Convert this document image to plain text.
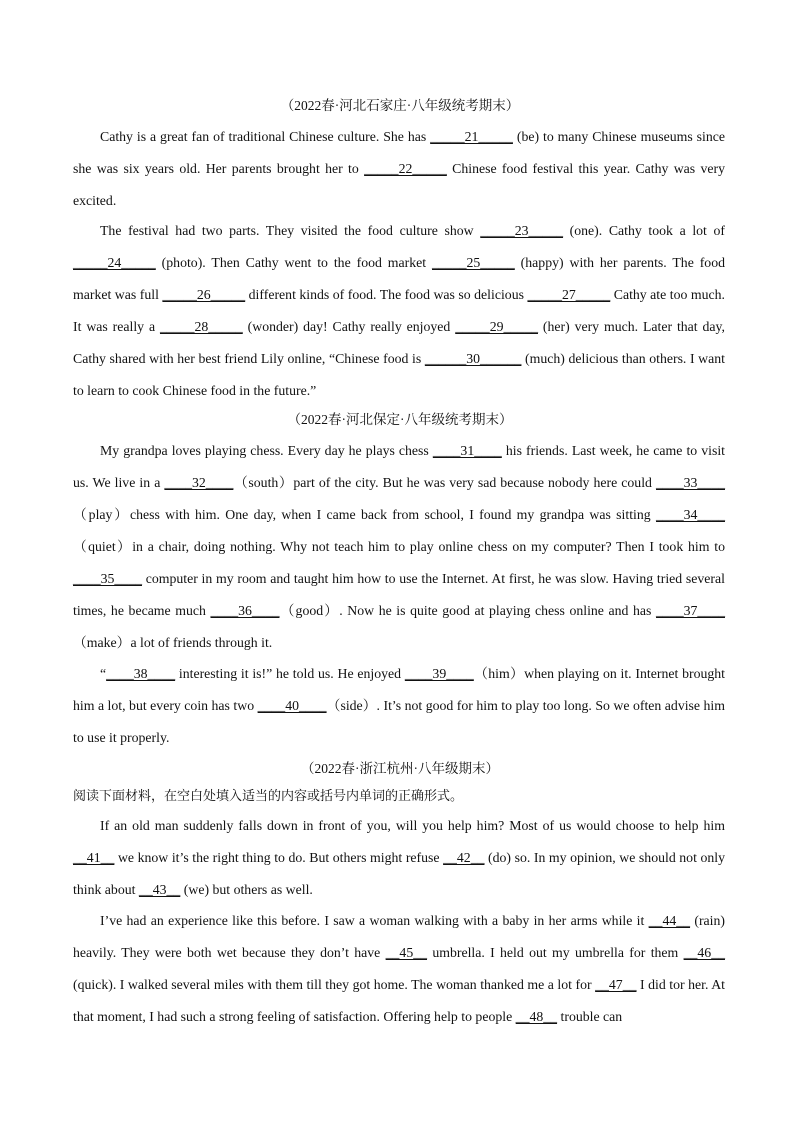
（2022春·河北石家庄·八年级统考期末）

Cathy is a great fan of traditional Chinese culture. She has _____21_____ (be) to many Chinese museums since she was six years old. Her parents brought her to _____22_____ Chinese food festival this year. Cathy was very excited.

The festival had two parts. They visited the food culture show _____23_____ (one). Cathy took a lot of _____24_____ (photo). Then Cathy went to the food market _____25_____ (happy) with her parents. The food market was full _____26_____ different kinds of food. The food was so delicious _____27_____ Cathy ate too much. It was really a _____28_____ (wonder) day! Cathy really enjoyed _____29_____ (her) very much. Later that day, Cathy shared with her best friend Lily online, “Chinese food is ______30______ (much) delicious than others. I want to learn to cook Chinese food in the future.”

（2022春·河北保定·八年级统考期末）

My grandpa loves playing chess. Every day he plays chess ____31____ his friends. Last week, he came to visit us. We live in a ____32____（south）part of the city. But he was very sad because nobody here could ____33____（play）chess with him. One day, when I came back from school, I found my grandpa was sitting ____34____（quiet）in a chair, doing nothing. Why not teach him to play online chess on my computer? Then I took him to ____35____ computer in my room and taught him how to use the Internet. At first, he was slow. Having tried several times, he became much ____36____（good）. Now he is quite good at playing chess online and has ____37____（make）a lot of friends through it.

“____38____ interesting it is!” he told us. He enjoyed ____39____（him）when playing on it. Internet brought him a lot, but every coin has two ____40____（side）. It’s not good for him to play too long. So we often advise him to use it properly.

（2022春·浙江杭州·八年级期末）
阅读下面材料，在空白处填入适当的内容或括号内单词的正确形式。

If an old man suddenly falls down in front of you, will you help him? Most of us would choose to help him __41__ we know it’s the right thing to do. But others might refuse __42__ (do) so. In my opinion, we should not only think about __43__ (we) but others as well.

I’ve had an experience like this before. I saw a woman walking with a baby in her arms while it __44__ (rain) heavily. They were both wet because they don’t have __45__ umbrella. I held out my umbrella for them __46__ (quick). I walked several miles with them till they got home. The woman thanked me a lot for __47__ I did tor her. At that moment, I had such a strong feeling of satisfaction. Offering help to people __48__ trouble can
